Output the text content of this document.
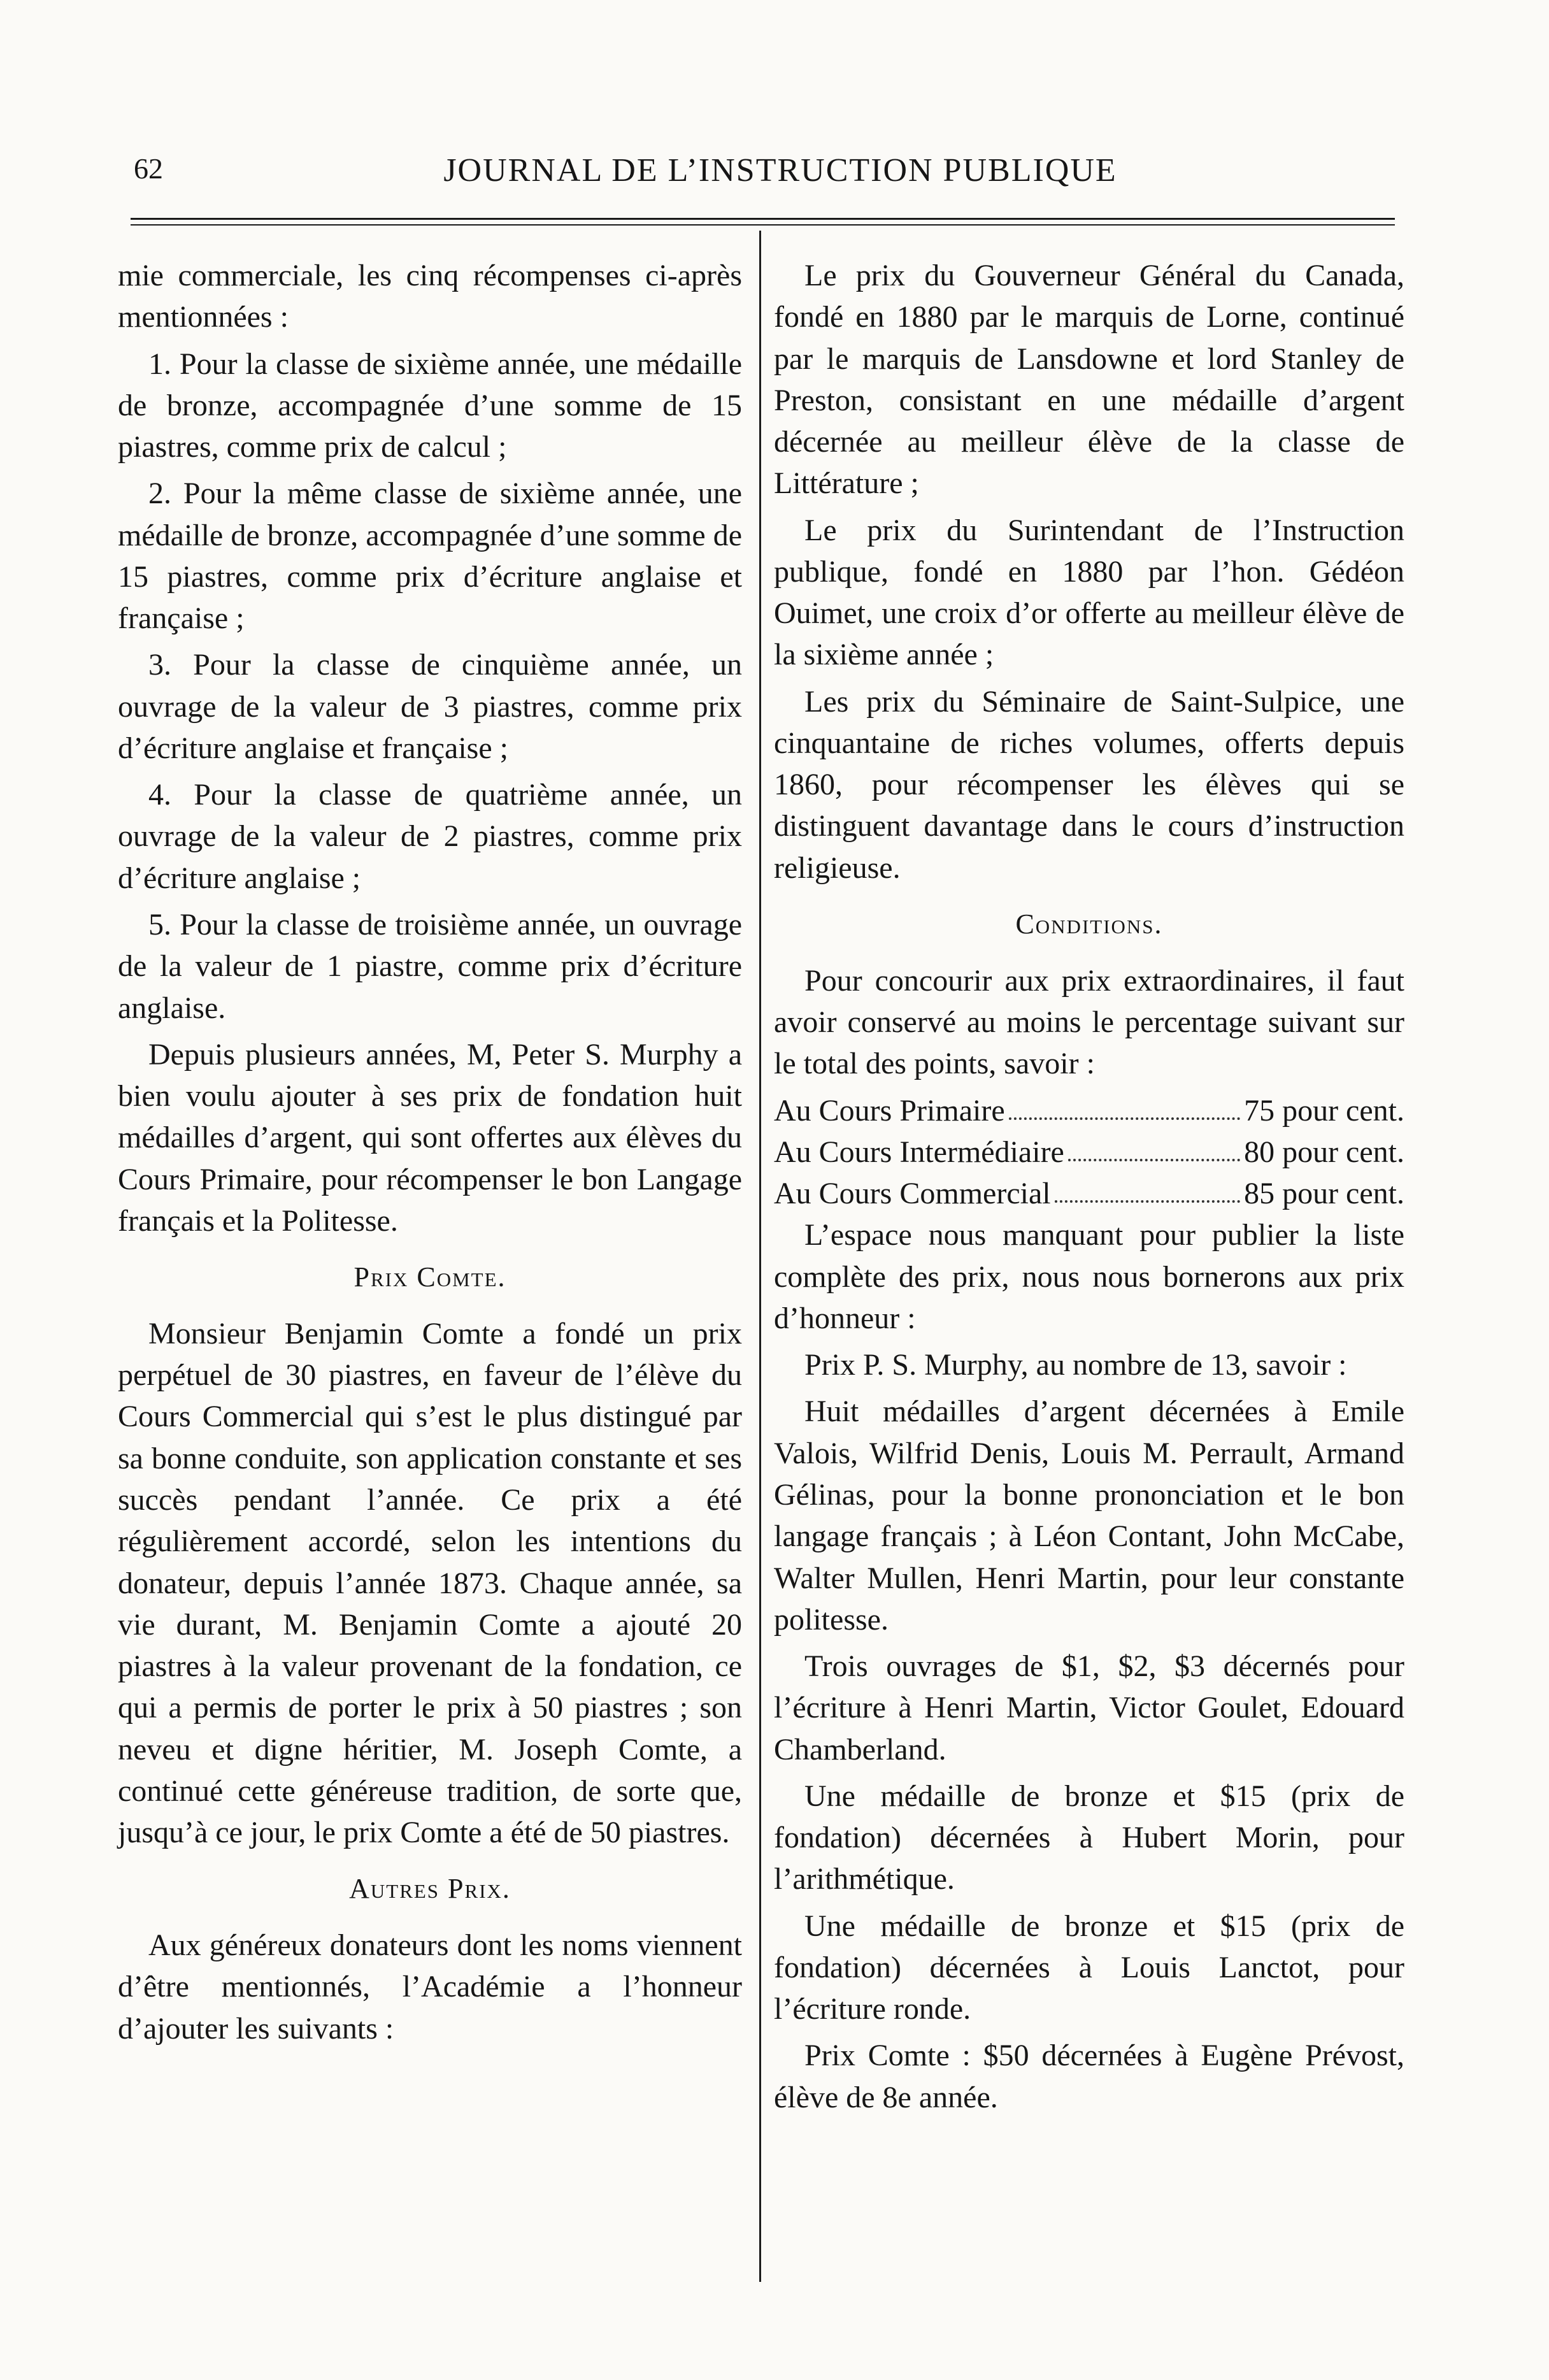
62	JOURNAL DE L’INSTRUCTION PUBLIQUE

mie commerciale, les cinq récompenses ci-après mentionnées :

1. Pour la classe de sixième année, une médaille de bronze, accompagnée d’une somme de 15 piastres, comme prix de calcul ;

2. Pour la même classe de sixième année, une médaille de bronze, accompagnée d’une somme de 15 piastres, comme prix d’écriture anglaise et française ;

3. Pour la classe de cinquième année, un ouvrage de la valeur de 3 piastres, comme prix d’écriture anglaise et française ;

4. Pour la classe de quatrième année, un ouvrage de la valeur de 2 piastres, comme prix d’écriture anglaise ;

5. Pour la classe de troisième année, un ouvrage de la valeur de 1 piastre, comme prix d’écriture anglaise.

Depuis plusieurs années, M, Peter S. Murphy a bien voulu ajouter à ses prix de fondation huit médailles d’argent, qui sont offertes aux élèves du Cours Primaire, pour récompenser le bon Langage français et la Politesse.

Prix Comte.

Monsieur Benjamin Comte a fondé un prix perpétuel de 30 piastres, en faveur de l’élève du Cours Commercial qui s’est le plus distingué par sa bonne conduite, son application constante et ses succès pendant l’année. Ce prix a été régulièrement accordé, selon les intentions du donateur, depuis l’année 1873. Chaque année, sa vie durant, M. Benjamin Comte a ajouté 20 piastres à la valeur provenant de la fondation, ce qui a permis de porter le prix à 50 piastres ; son neveu et digne héritier, M. Joseph Comte, a continué cette généreuse tradition, de sorte que, jusqu’à ce jour, le prix Comte a été de 50 piastres.

Autres Prix.

Aux généreux donateurs dont les noms viennent d’être mentionnés, l’Académie a l’honneur d’ajouter les suivants :

Le prix du Gouverneur Général du Canada, fondé en 1880 par le marquis de Lorne, continué par le marquis de Lansdowne et lord Stanley de Preston, consistant en une médaille d’argent décernée au meilleur élève de la classe de Littérature ;

Le prix du Surintendant de l’Instruction publique, fondé en 1880 par l’hon. Gédéon Ouimet, une croix d’or offerte au meilleur élève de la sixième année ;

Les prix du Séminaire de Saint-Sulpice, une cinquantaine de riches volumes, offerts depuis 1860, pour récompenser les élèves qui se distinguent davantage dans le cours d’instruction religieuse.

Conditions.

Pour concourir aux prix extraordinaires, il faut avoir conservé au moins le percentage suivant sur le total des points, savoir :

Au Cours Primaire	75 pour cent.
Au Cours Intermédiaire	80 pour cent.
Au Cours Commercial	85 pour cent.

L’espace nous manquant pour publier la liste complète des prix, nous nous bornerons aux prix d’honneur :

Prix P. S. Murphy, au nombre de 13, savoir :

Huit médailles d’argent décernées à Emile Valois, Wilfrid Denis, Louis M. Perrault, Armand Gélinas, pour la bonne prononciation et le bon langage français ; à Léon Contant, John McCabe, Walter Mullen, Henri Martin, pour leur constante politesse.

Trois ouvrages de $1, $2, $3 décernés pour l’écriture à Henri Martin, Victor Goulet, Edouard Chamberland.

Une médaille de bronze et $15 (prix de fondation) décernées à Hubert Morin, pour l’arithmétique.

Une médaille de bronze et $15 (prix de fondation) décernées à Louis Lanctot, pour l’écriture ronde.

Prix Comte : $50 décernées à Eugène Prévost, élève de 8e année.
